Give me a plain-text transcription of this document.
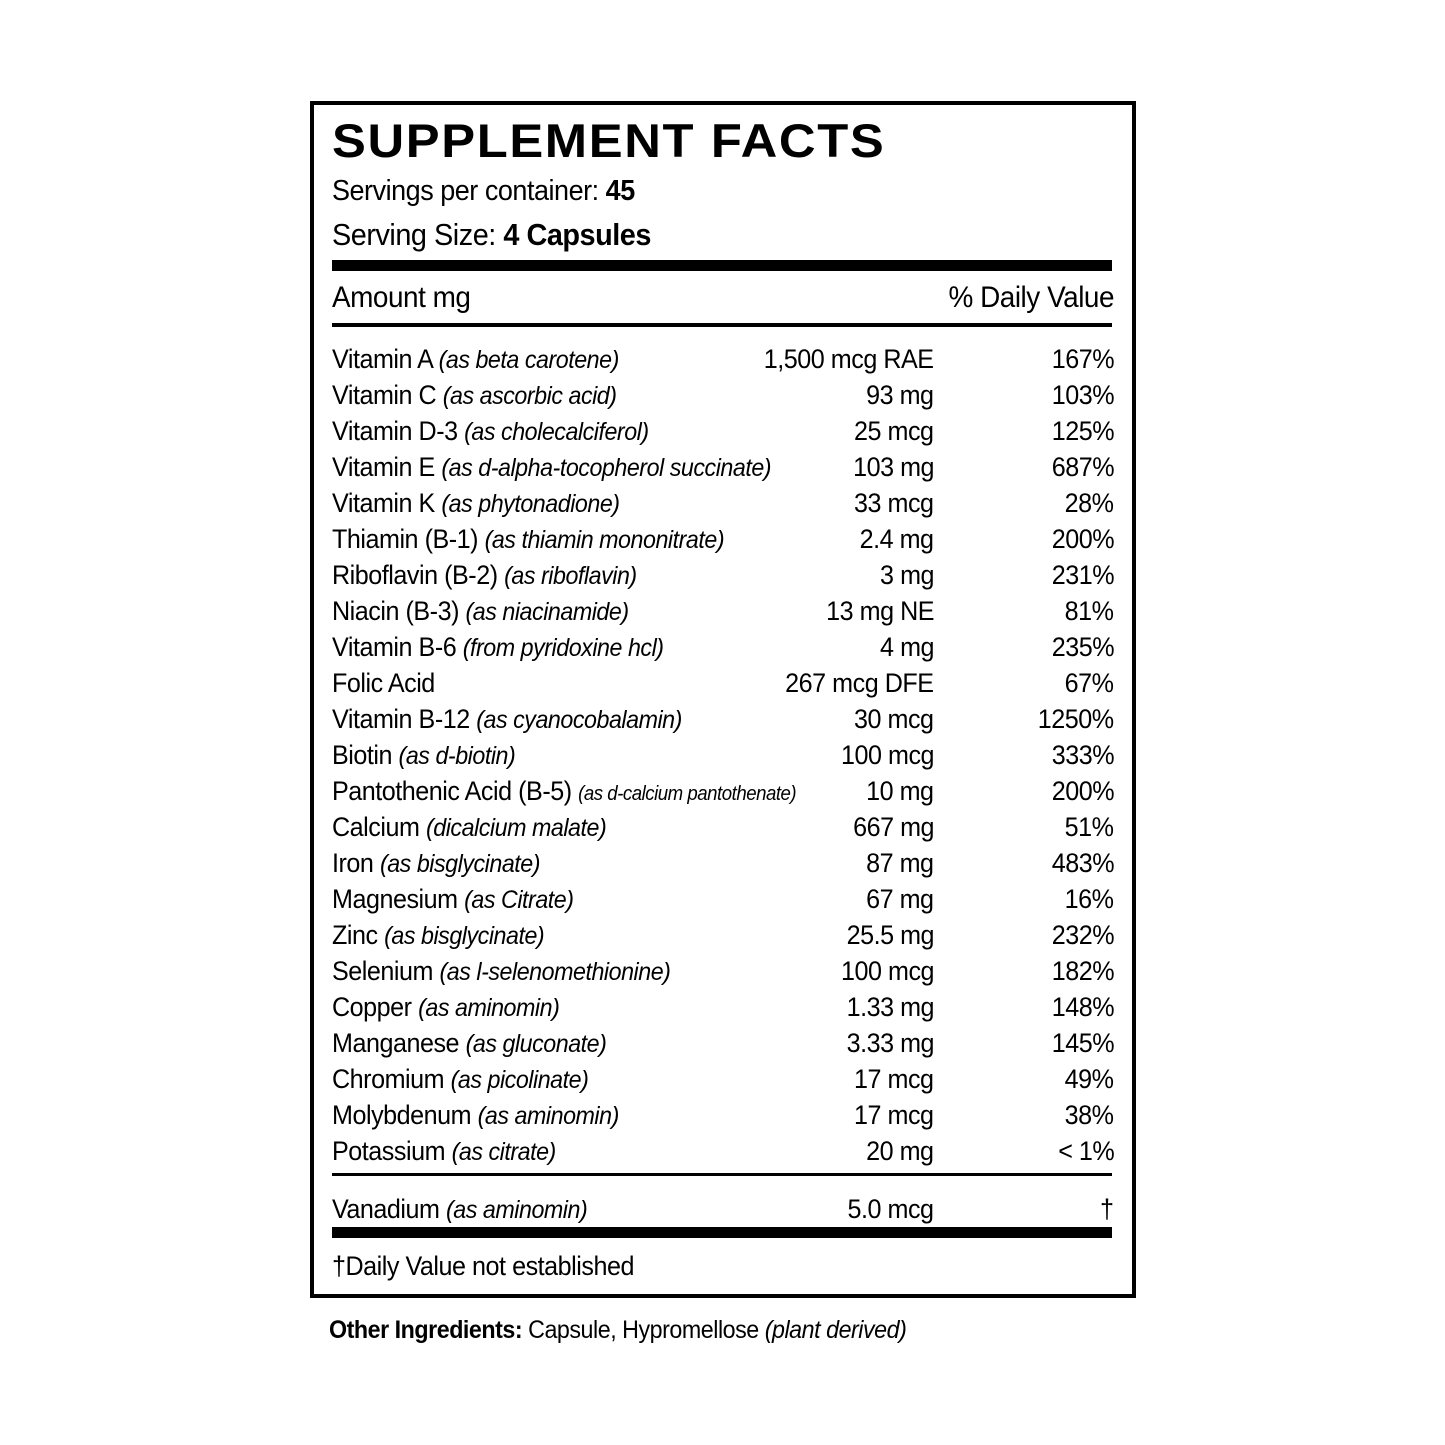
SUPPLEMENT FACTS
Servings per container: 45
Serving Size: 4 Capsules
Amount mg	% Daily Value
Vitamin A (as beta carotene)	1,500 mcg RAE	167%
Vitamin C (as ascorbic acid)	93 mg	103%
Vitamin D-3 (as cholecalciferol)	25 mcg	125%
Vitamin E (as d-alpha-tocopherol succinate)	103 mg	687%
Vitamin K (as phytonadione)	33 mcg	28%
Thiamin (B-1) (as thiamin mononitrate)	2.4 mg	200%
Riboflavin (B-2) (as riboflavin)	3 mg	231%
Niacin (B-3) (as niacinamide)	13 mg NE	81%
Vitamin B-6 (from pyridoxine hcl)	4 mg	235%
Folic Acid	267 mcg DFE	67%
Vitamin B-12 (as cyanocobalamin)	30 mcg	1250%
Biotin (as d-biotin)	100 mcg	333%
Pantothenic Acid (B-5) (as d-calcium pantothenate)	10 mg	200%
Calcium (dicalcium malate)	667 mg	51%
Iron (as bisglycinate)	87 mg	483%
Magnesium (as Citrate)	67 mg	16%
Zinc (as bisglycinate)	25.5 mg	232%
Selenium (as l-selenomethionine)	100 mcg	182%
Copper (as aminomin)	1.33 mg	148%
Manganese (as gluconate)	3.33 mg	145%
Chromium (as picolinate)	17 mcg	49%
Molybdenum (as aminomin)	17 mcg	38%
Potassium (as citrate)	20 mg	< 1%
Vanadium (as aminomin)	5.0 mcg	†
†Daily Value not established
Other Ingredients: Capsule, Hypromellose (plant derived)
